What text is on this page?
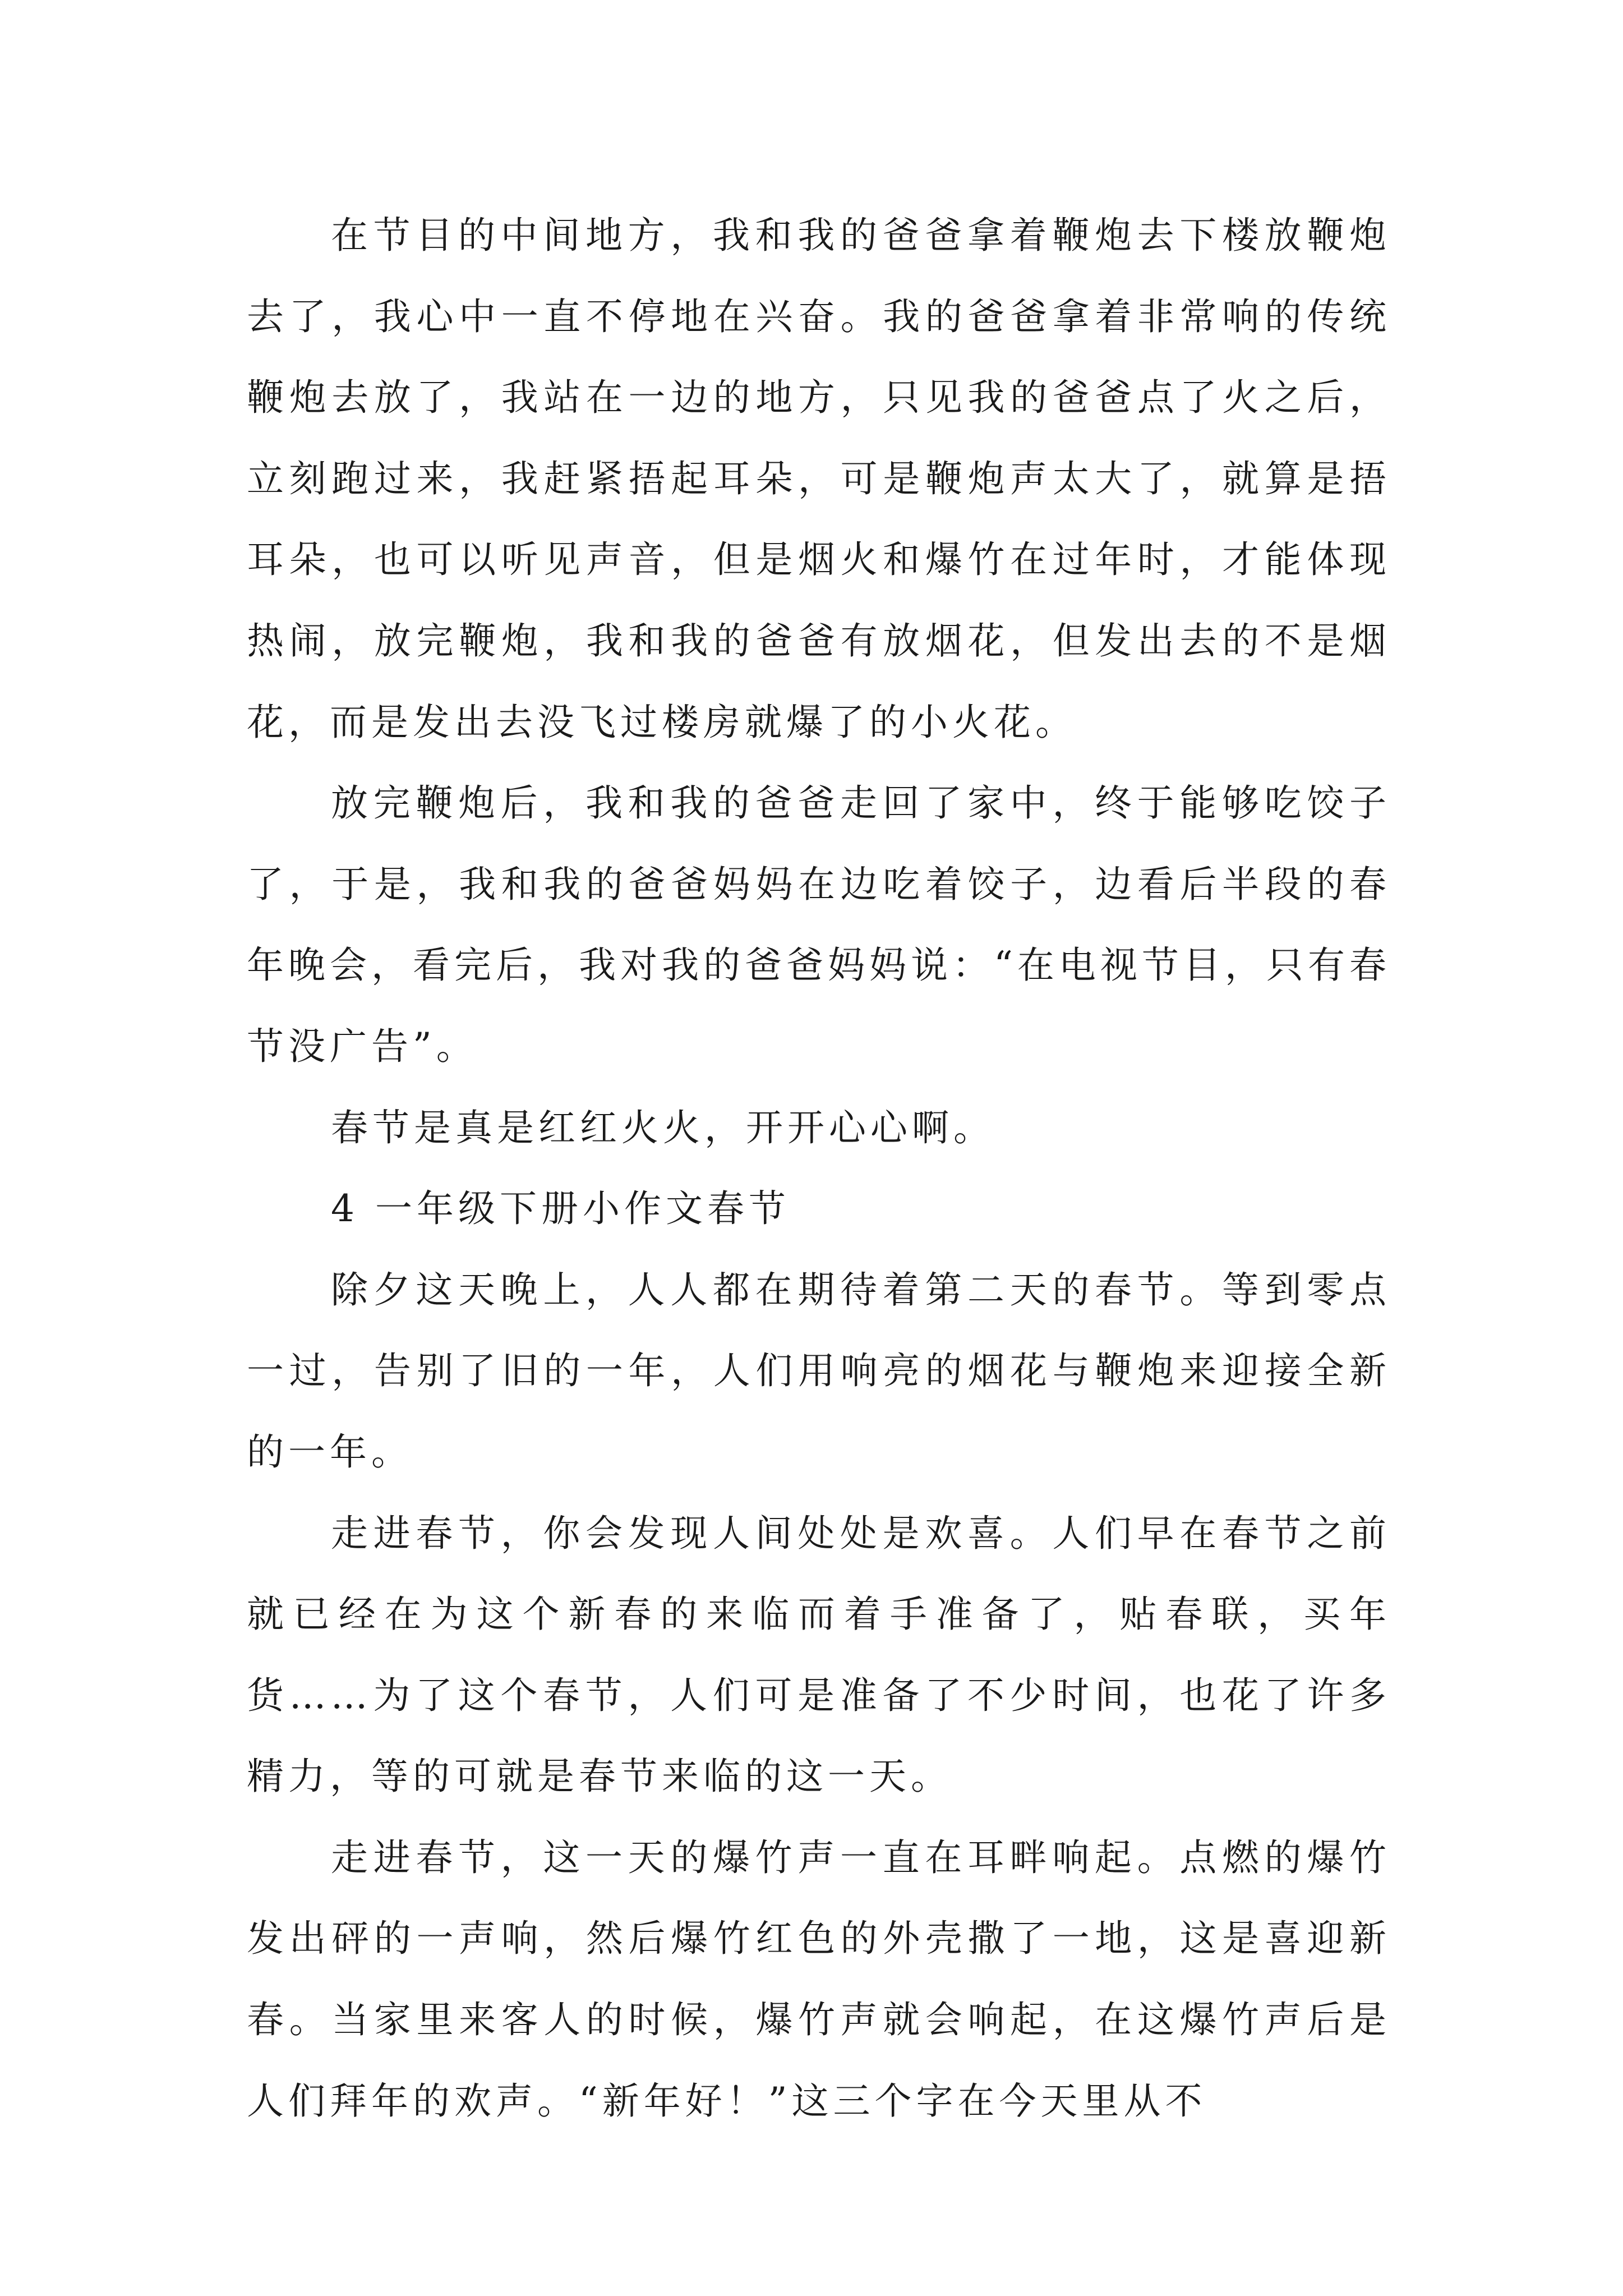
在节目的中间地方，我和我的爸爸拿着鞭炮去下楼放鞭炮去了，我心中一直不停地在兴奋。我的爸爸拿着非常响的传统鞭炮去放了，我站在一边的地方，只见我的爸爸点了火之后，立刻跑过来，我赶紧捂起耳朵，可是鞭炮声太大了，就算是捂耳朵，也可以听见声音，但是烟火和爆竹在过年时，才能体现热闹，放完鞭炮，我和我的爸爸有放烟花，但发出去的不是烟花，而是发出去没飞过楼房就爆了的小火花。

放完鞭炮后，我和我的爸爸走回了家中，终于能够吃饺子了，于是，我和我的爸爸妈妈在边吃着饺子，边看后半段的春年晚会，看完后，我对我的爸爸妈妈说：“在电视节目，只有春节没广告”。

春节是真是红红火火，开开心心啊。

4 一年级下册小作文春节

除夕这天晚上，人人都在期待着第二天的春节。等到零点一过，告别了旧的一年，人们用响亮的烟花与鞭炮来迎接全新的一年。

走进春节，你会发现人间处处是欢喜。人们早在春节之前就已经在为这个新春的来临而着手准备了，贴春联，买年货……为了这个春节，人们可是准备了不少时间，也花了许多精力，等的可就是春节来临的这一天。

走进春节，这一天的爆竹声一直在耳畔响起。点燃的爆竹发出砰的一声响，然后爆竹红色的外壳撒了一地，这是喜迎新春。当家里来客人的时候，爆竹声就会响起，在这爆竹声后是人们拜年的欢声。“新年好！”这三个字在今天里从不
